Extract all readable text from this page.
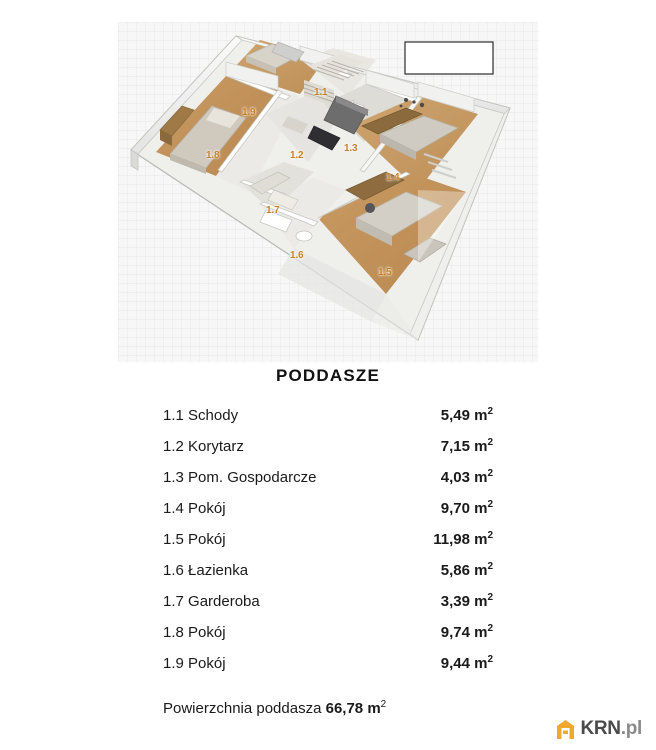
1.1
1.9
1.2
1.3
1.8
1.4
1.7
1.6
1.5
PODDASZE
1.1 Schody	5,49 $m^2$
1.2 Korytarz	7,15 $m^2$
1.3 Pom. Gospodarcze	4,03 $m^2$
1.4 Pokój	9,70 $m^2$
1.5 Pokój	11,98 $m^2$
1.6 Łazienka	5,86 $m^2$
1.7 Garderoba	3,39 $m^2$
1.8 Pokój	9,74 $m^2$
1.9 Pokój	9,44 $m^2$
Powierzchnia poddasza 66,78 $m^2$
KRN.pl
